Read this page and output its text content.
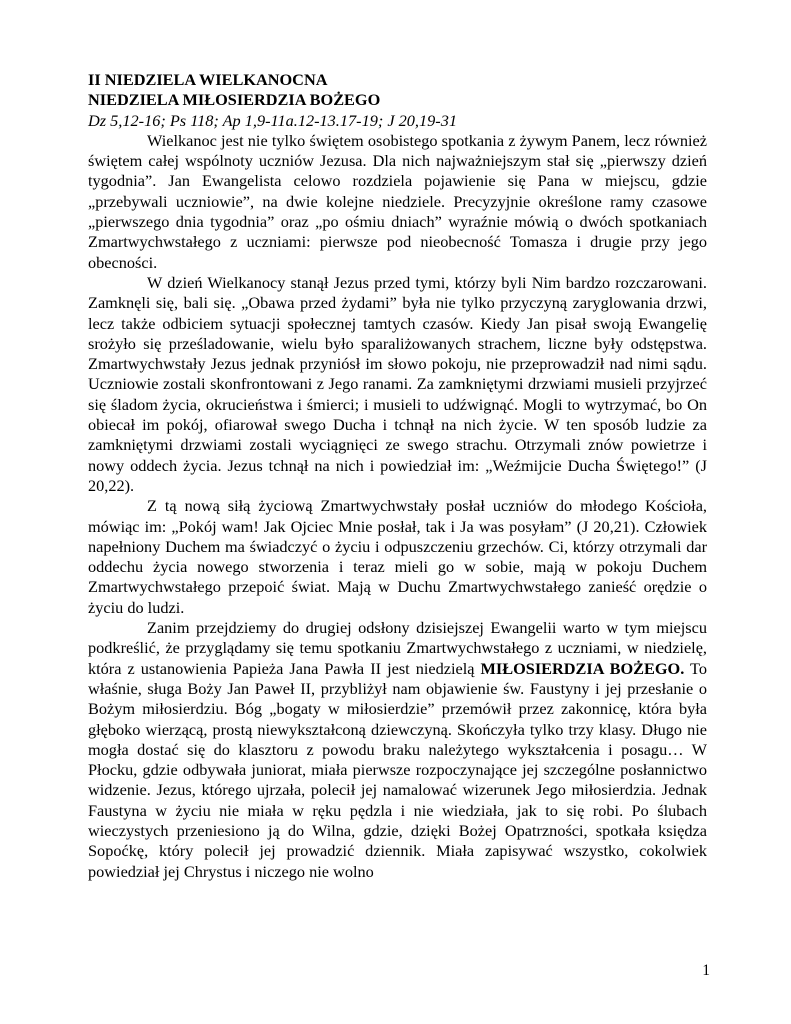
II NIEDZIELA WIELKANOCNA

NIEDZIELA MIŁOSIERDZIA BOŻEGO

Dz 5,12-16; Ps 118; Ap 1,9-11a.12-13.17-19; J 20,19-31

Wielkanoc jest nie tylko świętem osobistego spotkania z żywym Panem, lecz również świętem całej wspólnoty uczniów Jezusa. Dla nich najważniejszym stał się „pierwszy dzień tygodnia”. Jan Ewangelista celowo rozdziela pojawienie się Pana w miejscu, gdzie „przebywali uczniowie”, na dwie kolejne niedziele. Precyzyjnie określone ramy czasowe „pierwszego dnia tygodnia” oraz „po ośmiu dniach” wyraźnie mówią o dwóch spotkaniach Zmartwychwstałego z uczniami: pierwsze pod nieobecność Tomasza i drugie przy jego obecności.

W dzień Wielkanocy stanął Jezus przed tymi, którzy byli Nim bardzo rozczarowani. Zamknęli się, bali się. „Obawa przed żydami” była nie tylko przyczyną zaryglowania drzwi, lecz także odbiciem sytuacji społecznej tamtych czasów. Kiedy Jan pisał swoją Ewangelię srożyło się prześladowanie, wielu było sparaliżowanych strachem, liczne były odstępstwa. Zmartwychwstały Jezus jednak przyniósł im słowo pokoju, nie przeprowadził nad nimi sądu. Uczniowie zostali skonfrontowani z Jego ranami. Za zamkniętymi drzwiami musieli przyjrzeć się śladom życia, okrucieństwa i śmierci; i musieli to udźwignąć. Mogli to wytrzymać, bo On obiecał im pokój, ofiarował swego Ducha i tchnął na nich życie. W ten sposób ludzie za zamkniętymi drzwiami zostali wyciągnięci ze swego strachu. Otrzymali znów powietrze i nowy oddech życia. Jezus tchnął na nich i powiedział im: „Weźmijcie Ducha Świętego!” (J 20,22).

Z tą nową siłą życiową Zmartwychwstały posłał uczniów do młodego Kościoła, mówiąc im: „Pokój wam! Jak Ojciec Mnie posłał, tak i Ja was posyłam” (J 20,21). Człowiek napełniony Duchem ma świadczyć o życiu i odpuszczeniu grzechów. Ci, którzy otrzymali dar oddechu życia nowego stworzenia i teraz mieli go w sobie, mają w pokoju Duchem Zmartwychwstałego przepoić świat. Mają w Duchu Zmartwychwstałego zanieść orędzie o życiu do ludzi.

Zanim przejdziemy do drugiej odsłony dzisiejszej Ewangelii warto w tym miejscu podkreślić, że przyglądamy się temu spotkaniu Zmartwychwstałego z uczniami, w niedzielę, która z ustanowienia Papieża Jana Pawła II jest niedzielą MIŁOSIERDZIA BOŻEGO. To właśnie, sługa Boży Jan Paweł II, przybliżył nam objawienie św. Faustyny i jej przesłanie o Bożym miłosierdziu. Bóg „bogaty w miłosierdzie” przemówił przez zakonnicę, która była głęboko wierzącą, prostą niewykształconą dziewczyną. Skończyła tylko trzy klasy. Długo nie mogła dostać się do klasztoru z powodu braku należytego wykształcenia i posagu… W Płocku, gdzie odbywała juniorat, miała pierwsze rozpoczynające jej szczególne posłannictwo widzenie. Jezus, którego ujrzała, polecił jej namalować wizerunek Jego miłosierdzia. Jednak Faustyna w życiu nie miała w ręku pędzla i nie wiedziała, jak to się robi. Po ślubach wieczystych przeniesiono ją do Wilna, gdzie, dzięki Bożej Opatrzności, spotkała księdza Sopoćkę, który polecił jej prowadzić dziennik. Miała zapisywać wszystko, cokolwiek powiedział jej Chrystus i niczego nie wolno

1
